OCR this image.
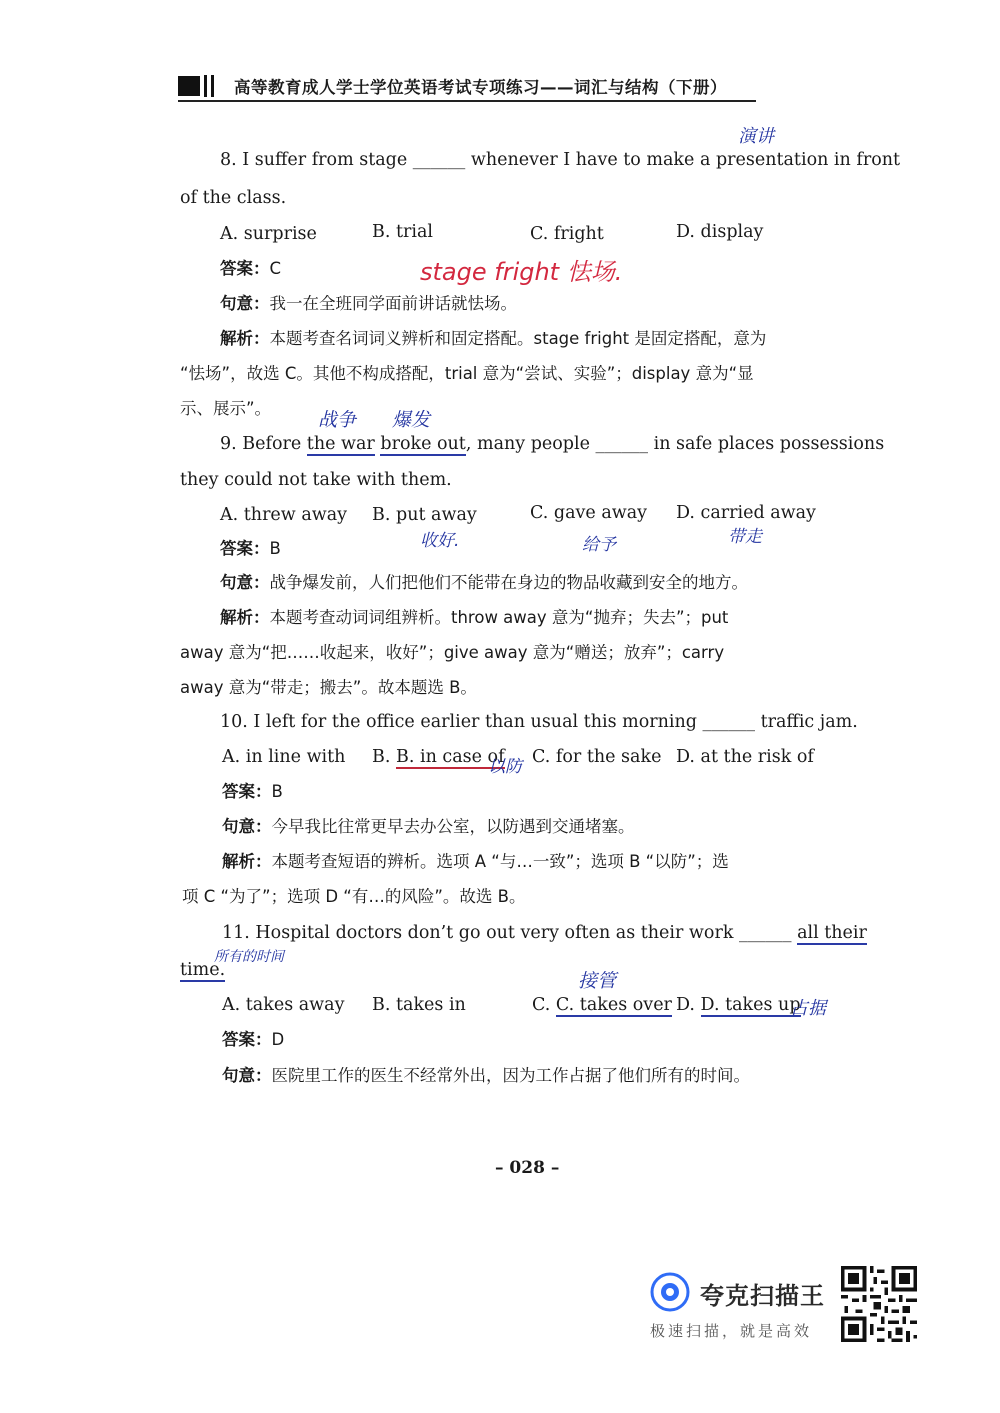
高等教育成人学士学位英语考试专项练习——词汇与结构（下册）
演讲
8. I suffer from stage ______ whenever I have to make a presentation in front
of the class.
A. surprise	B. trial	C. fright	D. display
答案：C	stage fright 怯场.
句意：我一在全班同学面前讲话就怯场。
解析：本题考查名词词义辨析和固定搭配。stage fright 是固定搭配，意为
“怯场”，故选 C。其他不构成搭配，trial 意为“尝试、实验”；display 意为“显
示、展示”。
战争 爆发
9. Before the war broke out, many people ______ in safe places possessions
they could not take with them.
A. threw away B. put away	C. gave away D. carried away
收好.	给予	带走
答案：B
句意：战争爆发前，人们把他们不能带在身边的物品收藏到安全的地方。
解析：本题考查动词词组辨析。throw away 意为“抛弃；失去”；put
away 意为“把……收起来，收好”；give away 意为“赠送；放弃”；carry
away 意为“带走；搬去”。故本题选 B。
10. I left for the office earlier than usual this morning ______ traffic jam.
A. in line with B. B. in case of
以防 C. for the sake D. at the risk of
答案：B
句意：今早我比往常更早去办公室，以防遇到交通堵塞。
解析：本题考查短语的辨析。选项 A “与…一致”；选项 B “以防”；选
项 C “为了”；选项 D “有…的风险”。故选 B。
11. Hospital doctors don’t go out very often as their work ______ all their
time.
所有的时间
接管
A. takes away B. takes in	C. C. takes over D. D. takes up
占据
答案：D
句意：医院里工作的医生不经常外出，因为工作占据了他们所有的时间。
– 028 –
夸克扫描王
极速扫描，就是高效
